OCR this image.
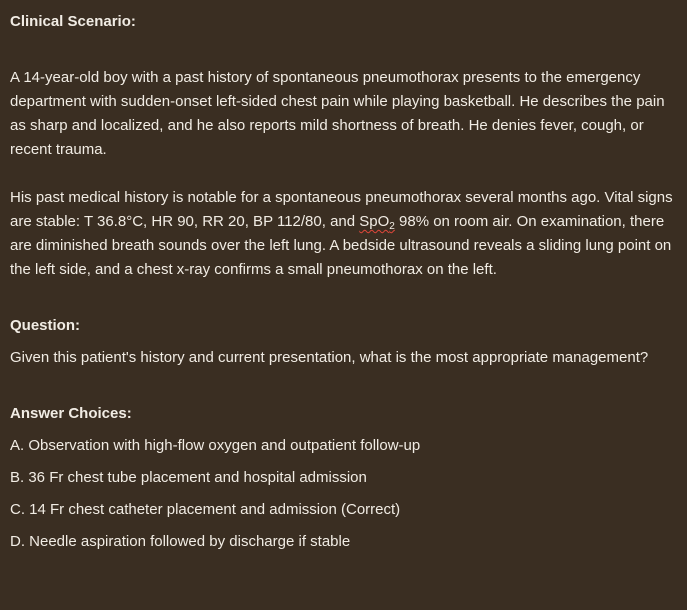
Clinical Scenario:

A 14-year-old boy with a past history of spontaneous pneumothorax presents to the emergency department with sudden-onset left-sided chest pain while playing basketball. He describes the pain as sharp and localized, and he also reports mild shortness of breath. He denies fever, cough, or recent trauma.

His past medical history is notable for a spontaneous pneumothorax several months ago. Vital signs are stable: T 36.8°C, HR 90, RR 20, BP 112/80, and SpO$_2$ 98% on room air. On examination, there are diminished breath sounds over the left lung. A bedside ultrasound reveals a sliding lung point on the left side, and a chest x-ray confirms a small pneumothorax on the left.

Question:

Given this patient's history and current presentation, what is the most appropriate management?

Answer Choices:

A. Observation with high-flow oxygen and outpatient follow-up

B. 36 Fr chest tube placement and hospital admission

C. 14 Fr chest catheter placement and admission (Correct)

D. Needle aspiration followed by discharge if stable
